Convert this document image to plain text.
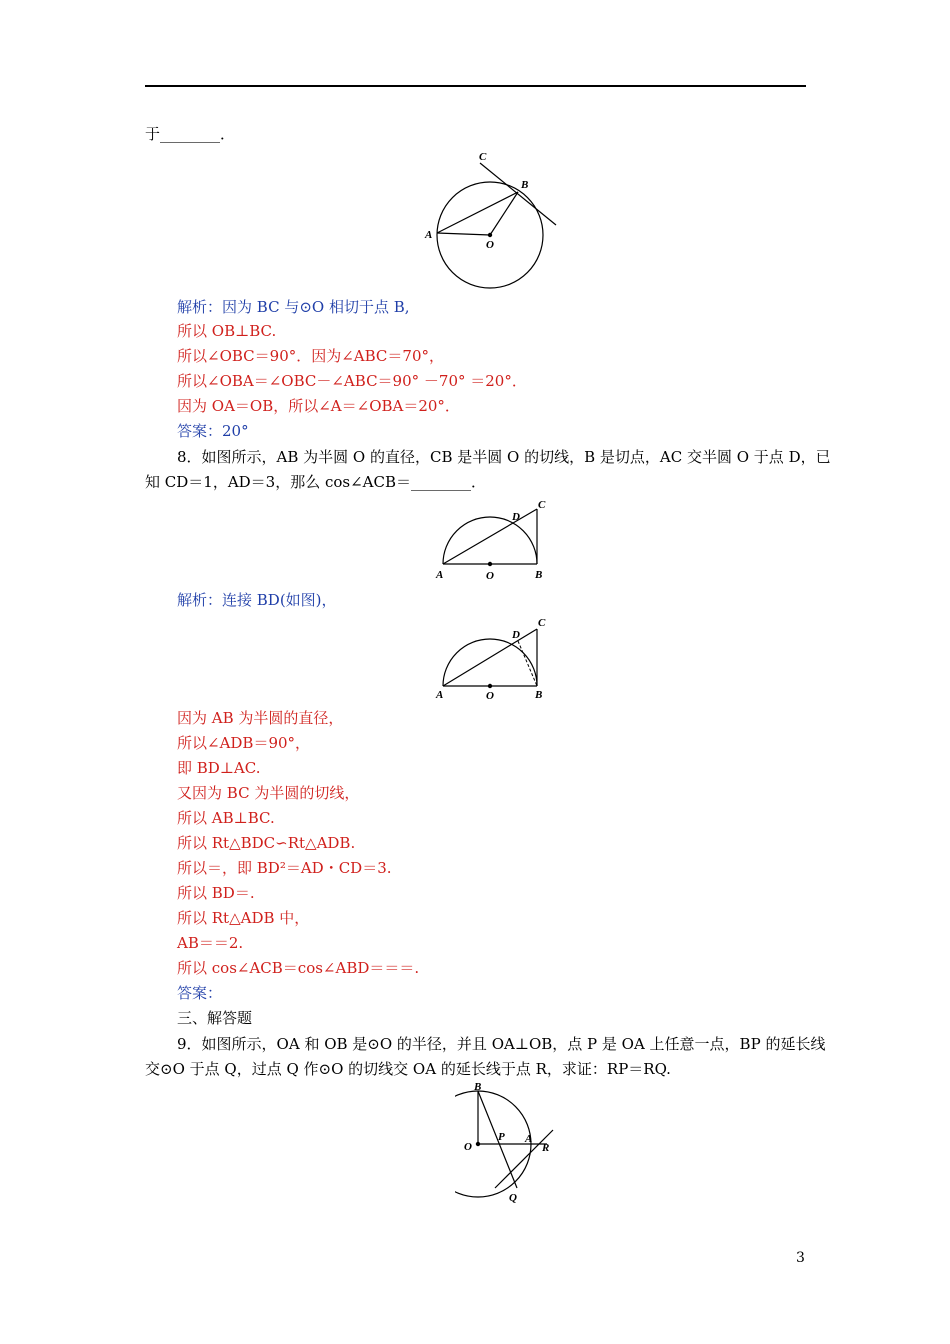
于________．
C
B
A
O
解析：因为 BC 与⊙O 相切于点 B,
所以 OB⊥BC.
所以∠OBC＝90°．因为∠ABC＝70°，
所以∠OBA＝∠OBC－∠ABC＝90° －70° ＝20°．
因为 OA＝OB，所以∠A＝∠OBA＝20°．
答案：20°
8．如图所示，AB 为半圆 O 的直径，CB 是半圆 O 的切线，B 是切点，AC 交半圆 O 于点 D，已
知 CD＝1，AD＝3，那么 cos∠ACB＝________．
A	O	B
C
D
解析：连接 BD(如图)，
A	O	B
C
D
因为 AB 为半圆的直径，
所以∠ADB＝90°，
即 BD⊥AC.
又因为 BC 为半圆的切线，
所以 AB⊥BC.
所以 Rt△BDC∽Rt△ADB.
所以＝，即 BD²＝AD・CD＝3.
所以 BD＝.
所以 Rt△ADB 中，
AB＝＝2.
所以 cos∠ACB＝cos∠ABD＝＝＝.
答案：
三、解答题
9．如图所示，OA 和 OB 是⊙O 的半径，并且 OA⊥OB，点 P 是 OA 上任意一点，BP 的延长线
交⊙O 于点 Q，过点 Q 作⊙O 的切线交 OA 的延长线于点 R，求证：RP＝RQ.
B
O
P A
R
Q
3
